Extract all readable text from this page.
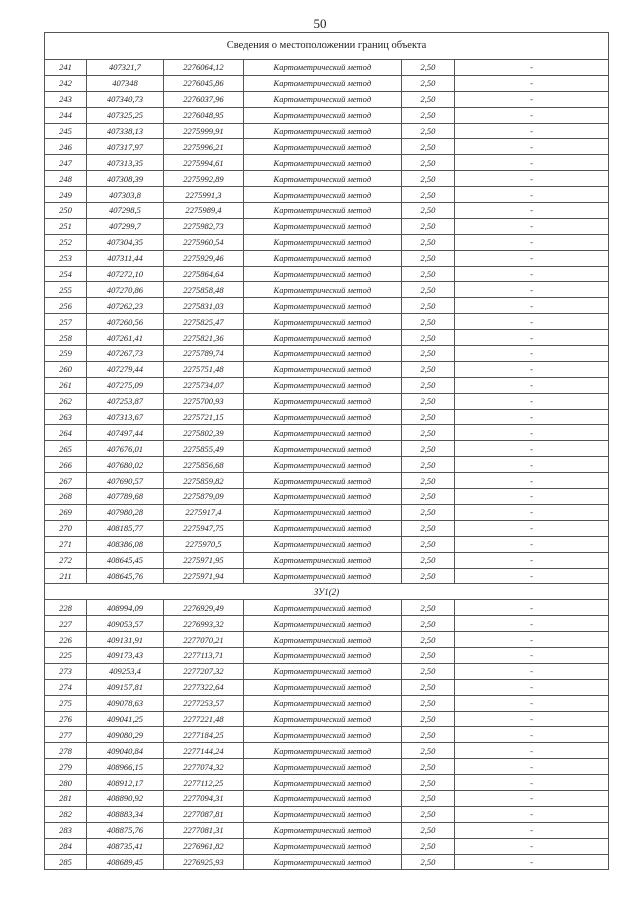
50
Сведения о местоположении границ объекта					
241	407321,7	2276064,12	Картометрический метод	2,50	-
242	407348	2276045,86	Картометрический метод	2,50	-
243	407340,73	2276037,96	Картометрический метод	2,50	-
244	407325,25	2276048,95	Картометрический метод	2,50	-
245	407338,13	2275999,91	Картометрический метод	2,50	-
246	407317,97	2275996,21	Картометрический метод	2,50	-
247	407313,35	2275994,61	Картометрический метод	2,50	-
248	407308,39	2275992,89	Картометрический метод	2,50	-
249	407303,8	2275991,3	Картометрический метод	2,50	-
250	407298,5	2275989,4	Картометрический метод	2,50	-
251	407299,7	2275982,73	Картометрический метод	2,50	-
252	407304,35	2275960,54	Картометрический метод	2,50	-
253	407311,44	2275929,46	Картометрический метод	2,50	-
254	407272,10	2275864,64	Картометрический метод	2,50	-
255	407270,86	2275858,48	Картометрический метод	2,50	-
256	407262,23	2275831,03	Картометрический метод	2,50	-
257	407260,56	2275825,47	Картометрический метод	2,50	-
258	407261,41	2275821,36	Картометрический метод	2,50	-
259	407267,73	2275789,74	Картометрический метод	2,50	-
260	407279,44	2275751,48	Картометрический метод	2,50	-
261	407275,09	2275734,07	Картометрический метод	2,50	-
262	407253,87	2275700,93	Картометрический метод	2,50	-
263	407313,67	2275721,15	Картометрический метод	2,50	-
264	407497,44	2275802,39	Картометрический метод	2,50	-
265	407676,01	2275855,49	Картометрический метод	2,50	-
266	407680,02	2275856,68	Картометрический метод	2,50	-
267	407690,57	2275859,82	Картометрический метод	2,50	-
268	407789,68	2275879,09	Картометрический метод	2,50	-
269	407980,28	2275917,4	Картометрический метод	2,50	-
270	408185,77	2275947,75	Картометрический метод	2,50	-
271	408386,08	2275970,5	Картометрический метод	2,50	-
272	408645,45	2275971,95	Картометрический метод	2,50	-
211	408645,76	2275971,94	Картометрический метод	2,50	-
ЗУ1(2)					
228	408994,09	2276929,49	Картометрический метод	2,50	-
227	409053,57	2276993,32	Картометрический метод	2,50	-
226	409131,91	2277070,21	Картометрический метод	2,50	-
225	409173,43	2277113,71	Картометрический метод	2,50	-
273	409253,4	2277207,32	Картометрический метод	2,50	-
274	409157,81	2277322,64	Картометрический метод	2,50	-
275	409078,63	2277253,57	Картометрический метод	2,50	-
276	409041,25	2277221,48	Картометрический метод	2,50	-
277	409080,29	2277184,25	Картометрический метод	2,50	-
278	409040,84	2277144,24	Картометрический метод	2,50	-
279	408966,15	2277074,32	Картометрический метод	2,50	-
280	408912,17	2277112,25	Картометрический метод	2,50	-
281	408890,92	2277094,31	Картометрический метод	2,50	-
282	408883,34	2277087,81	Картометрический метод	2,50	-
283	408875,76	2277081,31	Картометрический метод	2,50	-
284	408735,41	2276961,82	Картометрический метод	2,50	-
285	408689,45	2276925,93	Картометрический метод	2,50	-
